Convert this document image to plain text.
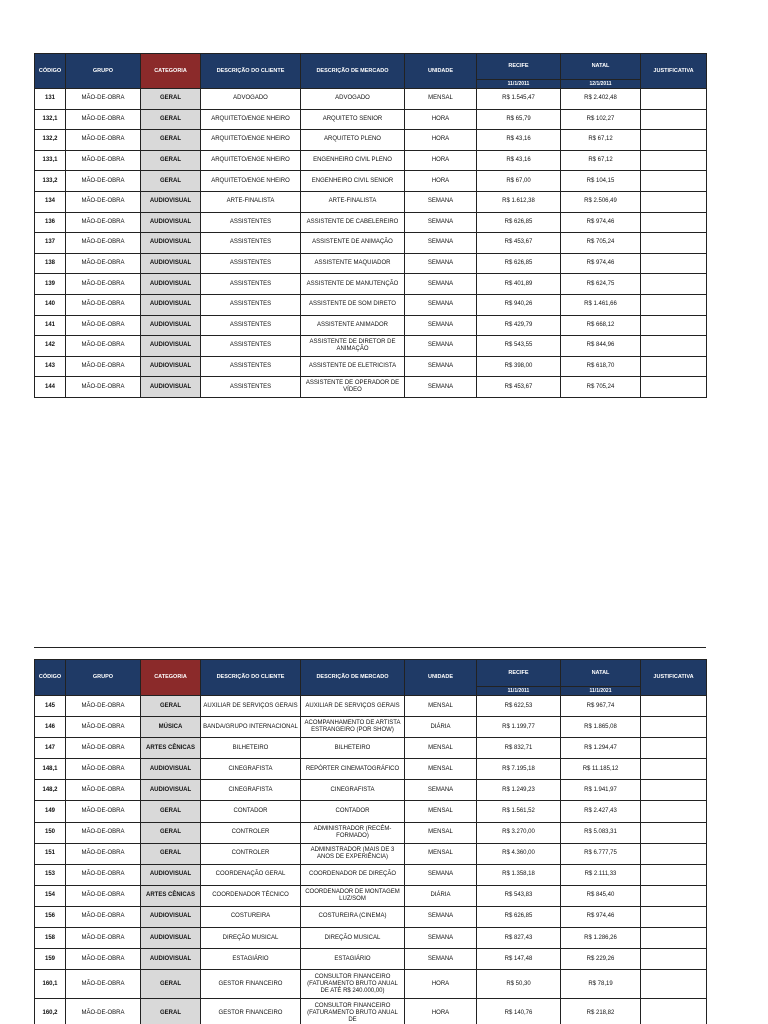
CÓDIGO	GRUPO	CATEGORIA	DESCRIÇÃO DO CLIENTE	DESCRIÇÃO DE MERCADO	UNIDADE	RECIFE	NATAL	JUSTIFICATIVA
						11/1/2011	12/1/2011	
131	MÃO-DE-OBRA	GERAL	ADVOGADO	ADVOGADO	MENSAL	R$ 1.545,47	R$ 2.402,48	
132,1	MÃO-DE-OBRA	GERAL	ARQUITETO/ENGE NHEIRO	ARQUITETO SENIOR	HORA	R$ 65,79	R$ 102,27	
132,2	MÃO-DE-OBRA	GERAL	ARQUITETO/ENGE NHEIRO	ARQUITETO PLENO	HORA	R$ 43,16	R$ 67,12	
133,1	MÃO-DE-OBRA	GERAL	ARQUITETO/ENGE NHEIRO	ENGENHEIRO CIVIL PLENO	HORA	R$ 43,16	R$ 67,12	
133,2	MÃO-DE-OBRA	GERAL	ARQUITETO/ENGE NHEIRO	ENGENHEIRO CIVIL SENIOR	HORA	R$ 67,00	R$ 104,15	
134	MÃO-DE-OBRA	AUDIOVISUAL	ARTE-FINALISTA	ARTE-FINALISTA	SEMANA	R$ 1.612,38	R$ 2.506,49	
136	MÃO-DE-OBRA	AUDIOVISUAL	ASSISTENTES	ASSISTENTE DE CABELEREIRO	SEMANA	R$ 626,85	R$ 974,46	
137	MÃO-DE-OBRA	AUDIOVISUAL	ASSISTENTES	ASSISTENTE DE ANIMAÇÃO	SEMANA	R$ 453,67	R$ 705,24	
138	MÃO-DE-OBRA	AUDIOVISUAL	ASSISTENTES	ASSISTENTE MAQUIADOR	SEMANA	R$ 626,85	R$ 974,46	
139	MÃO-DE-OBRA	AUDIOVISUAL	ASSISTENTES	ASSISTENTE DE MANUTENÇÃO	SEMANA	R$ 401,89	R$ 624,75	
140	MÃO-DE-OBRA	AUDIOVISUAL	ASSISTENTES	ASSISTENTE DE SOM DIRETO	SEMANA	R$ 940,26	R$ 1.461,66	
141	MÃO-DE-OBRA	AUDIOVISUAL	ASSISTENTES	ASSISTENTE ANIMADOR	SEMANA	R$ 429,79	R$ 668,12	
142	MÃO-DE-OBRA	AUDIOVISUAL	ASSISTENTES	ASSISTENTE DE DIRETOR DE ANIMAÇÃO	SEMANA	R$ 543,55	R$ 844,96	
143	MÃO-DE-OBRA	AUDIOVISUAL	ASSISTENTES	ASSISTENTE DE ELETRICISTA	SEMANA	R$ 398,00	R$ 618,70	
144	MÃO-DE-OBRA	AUDIOVISUAL	ASSISTENTES	ASSISTENTE DE OPERADOR DE VÍDEO	SEMANA	R$ 453,67	R$ 705,24	
CÓDIGO	GRUPO	CATEGORIA	DESCRIÇÃO DO CLIENTE	DESCRIÇÃO DE MERCADO	UNIDADE	RECIFE	NATAL	JUSTIFICATIVA
						11/1/2011	11/1/2021	
145	MÃO-DE-OBRA	GERAL	AUXILIAR DE SERVIÇOS GERAIS	AUXILIAR DE SERVIÇOS GERAIS	MENSAL	R$ 622,53	R$ 967,74	
146	MÃO-DE-OBRA	MÚSICA	BANDA/GRUPO INTERNACIONAL	ACOMPANHAMENTO DE ARTISTA ESTRANGEIRO (POR SHOW)	DIÁRIA	R$ 1.199,77	R$ 1.865,08	
147	MÃO-DE-OBRA	ARTES CÊNICAS	BILHETEIRO	BILHETEIRO	MENSAL	R$ 832,71	R$ 1.294,47	
148,1	MÃO-DE-OBRA	AUDIOVISUAL	CINEGRAFISTA	REPÓRTER CINEMATOGRÁFICO	MENSAL	R$ 7.195,18	R$ 11.185,12	
148,2	MÃO-DE-OBRA	AUDIOVISUAL	CINEGRAFISTA	CINEGRAFISTA	SEMANA	R$ 1.249,23	R$ 1.941,97	
149	MÃO-DE-OBRA	GERAL	CONTADOR	CONTADOR	MENSAL	R$ 1.561,52	R$ 2.427,43	
150	MÃO-DE-OBRA	GERAL	CONTROLER	ADMINISTRADOR (RECÉM-FORMADO)	MENSAL	R$ 3.270,00	R$ 5.083,31	
151	MÃO-DE-OBRA	GERAL	CONTROLER	ADMINISTRADOR (MAIS DE 3 ANOS DE EXPERIÊNCIA)	MENSAL	R$ 4.360,00	R$ 6.777,75	
153	MÃO-DE-OBRA	AUDIOVISUAL	COORDENAÇÃO GERAL	COORDENADOR DE DIREÇÃO	SEMANA	R$ 1.358,18	R$ 2.111,33	
154	MÃO-DE-OBRA	ARTES CÊNICAS	COORDENADOR TÉCNICO	COORDENADOR DE MONTAGEM LUZ/SOM	DIÁRIA	R$ 543,83	R$ 845,40	
156	MÃO-DE-OBRA	AUDIOVISUAL	COSTUREIRA	COSTUREIRA (CINEMA)	SEMANA	R$ 626,85	R$ 974,46	
158	MÃO-DE-OBRA	AUDIOVISUAL	DIREÇÃO MUSICAL	DIREÇÃO MUSICAL	SEMANA	R$ 827,43	R$ 1.286,26	
159	MÃO-DE-OBRA	AUDIOVISUAL	ESTAGIÁRIO	ESTAGIÁRIO	SEMANA	R$ 147,48	R$ 229,26	
160,1	MÃO-DE-OBRA	GERAL	GESTOR FINANCEIRO	CONSULTOR FINANCEIRO (FATURAMENTO BRUTO ANUAL DE ATÉ R$ 240.000,00)	HORA	R$ 50,30	R$ 78,19	
160,2	MÃO-DE-OBRA	GERAL	GESTOR FINANCEIRO	CONSULTOR FINANCEIRO (FATURAMENTO BRUTO ANUAL DE	HORA	R$ 140,76	R$ 218,82	
